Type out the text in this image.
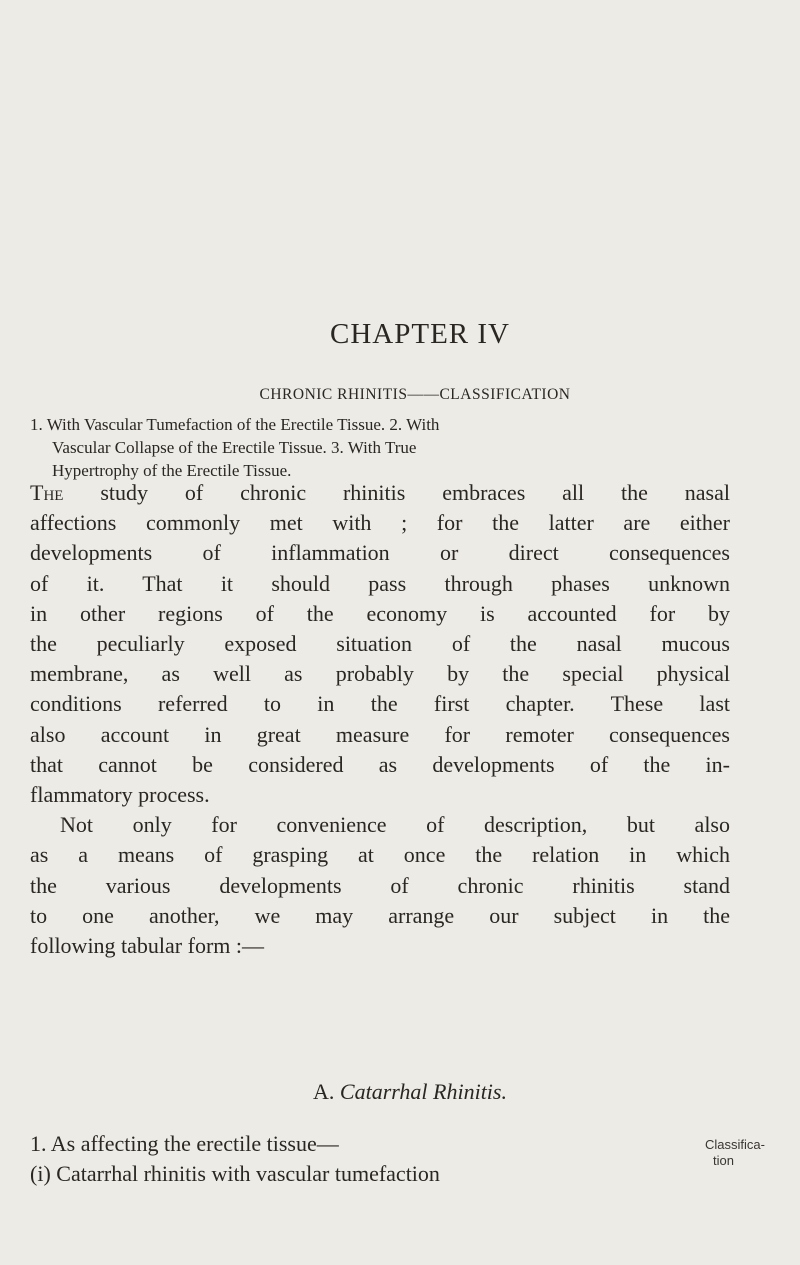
CHAPTER IV
CHRONIC RHINITIS——CLASSIFICATION
1. With Vascular Tumefaction of the Erectile Tissue. 2. With
Vascular Collapse of the Erectile Tissue. 3. With True
Hypertrophy of the Erectile Tissue.
The study of chronic rhinitis embraces all the nasal
affections commonly met with ; for the latter are either
developments of inflammation or direct consequences
of it. That it should pass through phases unknown
in other regions of the economy is accounted for by
the peculiarly exposed situation of the nasal mucous
membrane, as well as probably by the special physical
conditions referred to in the first chapter. These last
also account in great measure for remoter consequences
that cannot be considered as developments of the in-
flammatory process.
Not only for convenience of description, but also
as a means of grasping at once the relation in which
the various developments of chronic rhinitis stand
to one another, we may arrange our subject in the
following tabular form :—
A. Catarrhal Rhinitis.
1. As affecting the erectile tissue—
(i) Catarrhal rhinitis with vascular tumefaction
Classifica-
tion
